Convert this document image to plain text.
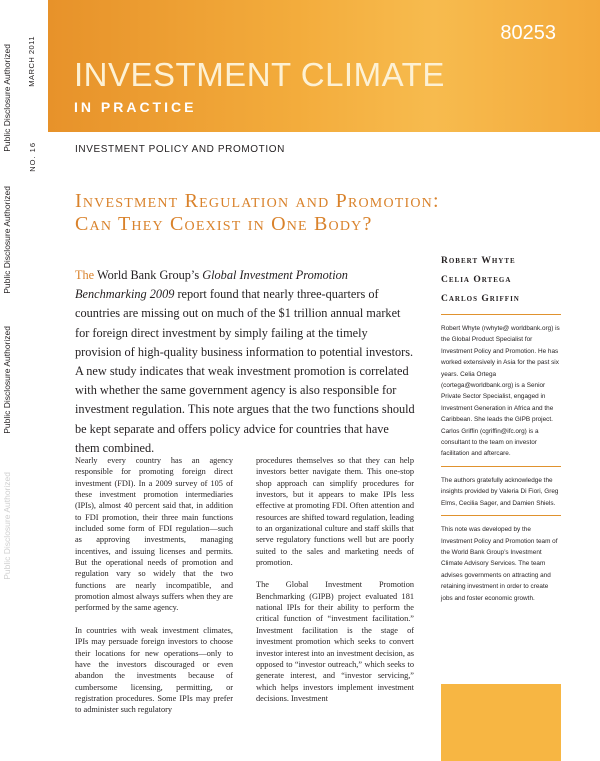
Public Disclosure Authorized
Public Disclosure Authorized
Public Disclosure Authorized
Public Disclosure Authorized
80253
INVESTMENT CLIMATE
IN PRACTICE
MARCH 2011
NO. 16	INVESTMENT POLICY AND PROMOTION
Investment Regulation and Promotion:
Can They Coexist in One Body?
The World Bank Group’s Global Investment Promotion Benchmarking 2009 report found that nearly three-quarters of countries are missing out on much of the $1 trillion annual market for foreign direct investment by simply failing at the timely provision of high-quality business information to potential investors. A new study indicates that weak investment promotion is correlated with whether the same government agency is also responsible for investment regulation. This note argues that the two functions should be kept separate and offers policy advice for countries that have them combined.

Nearly every country has an agency responsible for promoting foreign direct investment (FDI). In a 2009 survey of 105 of these investment promotion intermediaries (IPIs), almost 40 percent said that, in addition to FDI promotion, their three main functions included some form of FDI regulation—such as approving investments, managing incentives, and issuing licenses and permits. But the operational needs of promotion and regulation vary so widely that the two functions are nearly incompatible, and promotion almost always suffers when they are performed by the same agency.

In countries with weak investment climates, IPIs may persuade foreign investors to choose their locations for new operations—only to have the investors discouraged or even abandon the investments because of cumbersome licensing, permitting, or registration procedures. Some IPIs may prefer to administer such regulatory

procedures themselves so that they can help investors better navigate them. This one-stop shop approach can simplify procedures for investors, but it appears to make IPIs less effective at promoting FDI. Often attention and resources are shifted toward regulation, leading to an organizational culture and staff skills that serve regulatory functions well but are poorly suited to the sales and marketing needs of promotion.

The Global Investment Promotion Benchmarking (GIPB) project evaluated 181 national IPIs for their ability to perform the critical function of “investment facilitation.” Investment facilitation is the stage of investment promotion which seeks to convert investor interest into an investment decision, as opposed to “investor outreach,” which seeks to generate interest, and “investor servicing,” which helps investors implement investment decisions. Investment

Robert Whyte
Celia Ortega
Carlos Griffin

Robert Whyte (rwhyte@ worldbank.org) is the Global Product Specialist for Investment Policy and Promotion. He has worked extensively in Asia for the past six years. Celia Ortega (cortega@worldbank.org) is a Senior Private Sector Specialist, engaged in Investment Generation in Africa and the Caribbean. She leads the GIPB project. Carlos Griffin (cgriffin@ifc.org) is a consultant to the team on investor facilitation and aftercare.

The authors gratefully acknowledge the insights provided by Valeria Di Fiori, Greg Elms, Cecilia Sager, and Damien Shiels.

This note was developed by the Investment Policy and Promotion team of the World Bank Group’s Investment Climate Advisory Services. The team advises governments on attracting and retaining investment in order to create jobs and foster economic growth.
